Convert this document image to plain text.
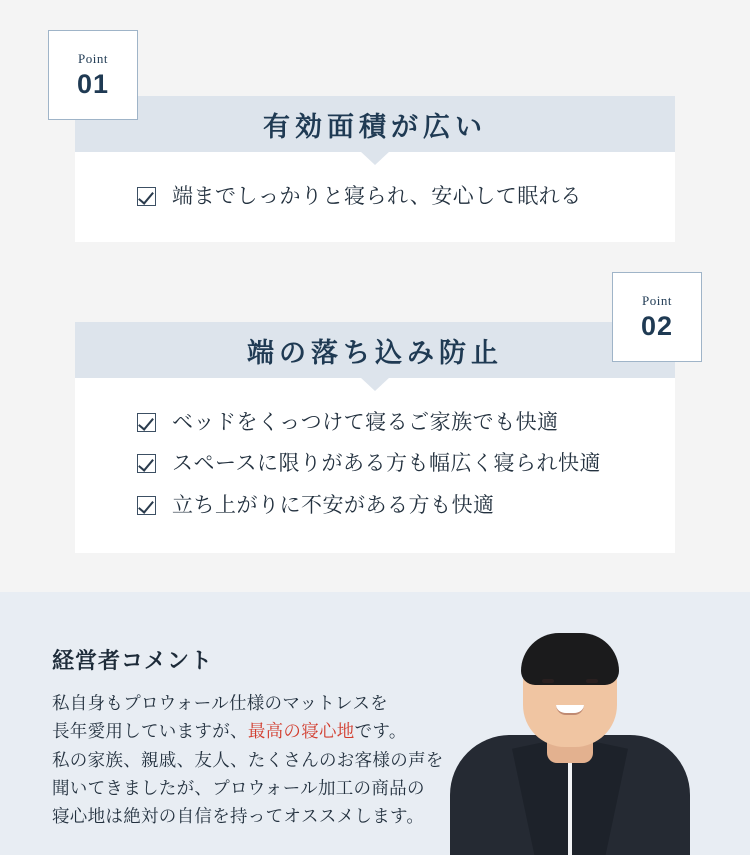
Point
01
有効面積が広い
端までしっかりと寝られ、安心して眠れる
Point
02
端の落ち込み防止
ベッドをくっつけて寝るご家族でも快適
スペースに限りがある方も幅広く寝られ快適
立ち上がりに不安がある方も快適
経営者コメント
私自身もプロウォール仕様のマットレスを
長年愛用していますが、最高の寝心地です。
私の家族、親戚、友人、たくさんのお客様の声を
聞いてきましたが、プロウォール加工の商品の
寝心地は絶対の自信を持ってオススメします。
